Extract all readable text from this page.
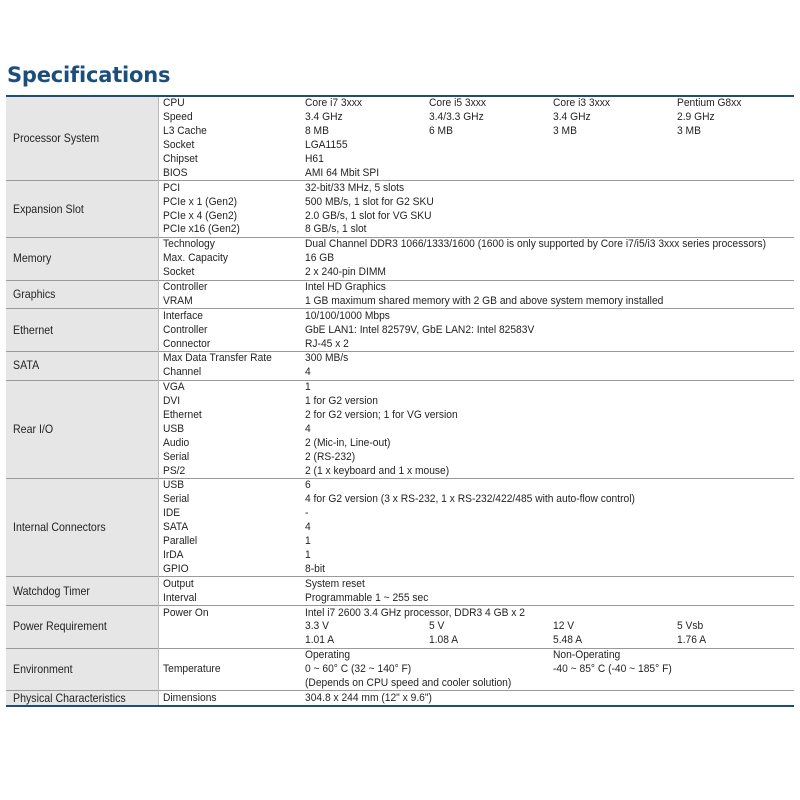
Specifications
Processor System	CPU	Core i7 3xxx	Core i5 3xxx	Core i3 3xxx	Pentium G8xx
	Speed	3.4 GHz	3.4/3.3 GHz	3.4 GHz	2.9 GHz
	L3 Cache	8 MB	6 MB	3 MB	3 MB
	Socket	LGA1155			
	Chipset	H61			
	BIOS	AMI 64 Mbit SPI			
Expansion Slot	PCI	32-bit/33 MHz, 5 slots			
	PCIe x 1 (Gen2)	500 MB/s, 1 slot for G2 SKU			
	PCIe x 4 (Gen2)	2.0 GB/s, 1 slot for VG SKU			
	PCIe x16 (Gen2)	8 GB/s, 1 slot			
Memory	Technology	Dual Channel DDR3 1066/1333/1600 (1600 is only supported by Core i7/i5/i3 3xxx series processors)			
	Max. Capacity	16 GB			
	Socket	2 x 240-pin DIMM			
Graphics	Controller	Intel HD Graphics			
	VRAM	1 GB maximum shared memory with 2 GB and above system memory installed			
Ethernet	Interface	10/100/1000 Mbps			
	Controller	GbE LAN1: Intel 82579V, GbE LAN2: Intel 82583V			
	Connector	RJ-45 x 2			
SATA	Max Data Transfer Rate	300 MB/s			
	Channel	4			
Rear I/O	VGA	1			
	DVI	1 for G2 version			
	Ethernet	2 for G2 version; 1 for VG version			
	USB	4			
	Audio	2 (Mic-in, Line-out)			
	Serial	2 (RS-232)			
	PS/2	2 (1 x keyboard and 1 x mouse)			
Internal Connectors	USB	6			
	Serial	4 for G2 version (3 x RS-232, 1 x RS-232/422/485 with auto-flow control)			
	IDE	-			
	SATA	4			
	Parallel	1			
	IrDA	1			
	GPIO	8-bit			
Watchdog Timer	Output	System reset			
	Interval	Programmable 1 ~ 255 sec			
Power Requirement	Power On	Intel i7 2600 3.4 GHz processor, DDR3 4 GB x 2			
		3.3 V	5 V	12 V	5 Vsb
		1.01 A	1.08 A	5.48 A	1.76 A
Environment		Operating		Non-Operating	
	Temperature	0 ~ 60° C (32 ~ 140° F)		-40 ~ 85° C (-40 ~ 185° F)	
		(Depends on CPU speed and cooler solution)			
Physical Characteristics	Dimensions	304.8 x 244 mm (12" x 9.6")			
